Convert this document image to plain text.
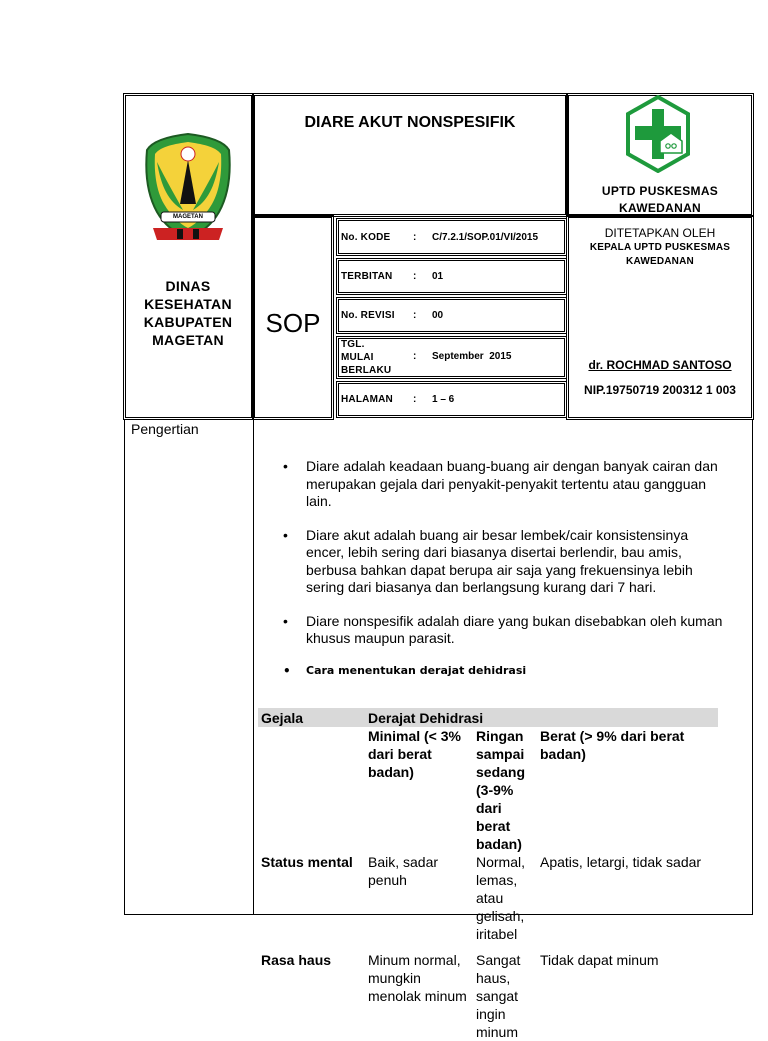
MAGETAN
DINAS
KESEHATAN
KABUPATEN
MAGETAN
DIARE AKUT NONSPESIFIK
UPTD PUSKESMAS
KAWEDANAN
SOP
No. KODE : C/7.2.1/SOP.01/VI/2015
TERBITAN : 01
No. REVISI : 00
TGL.
MULAI
BERLAKU
: September  2015
HALAMAN : 1 – 6
DITETAPKAN OLEH
KEPALA UPTD PUSKESMAS
KAWEDANAN
dr. ROCHMAD SANTOSO
NIP.19750719 200312 1 003
Pengertian
• Diare adalah keadaan buang-buang air dengan banyak cairan dan merupakan gejala dari penyakit-penyakit tertentu atau gangguan lain.
• Diare akut adalah buang air besar lembek/cair konsistensinya encer, lebih sering dari biasanya disertai berlendir, bau amis, berbusa bahkan dapat berupa air saja yang frekuensinya lebih sering dari biasanya dan berlangsung kurang dari 7 hari.
• Diare nonspesifik adalah diare yang bukan disebabkan oleh kuman khusus maupun parasit.
• Cara menentukan derajat dehidrasi
Gejala	Derajat Dehidrasi		
	Minimal (< 3% dari berat badan)	Ringan sampai sedang (3-9% dari berat badan)	Berat (> 9% dari berat badan)
Status mental	Baik, sadar penuh	Normal, lemas, atau gelisah, iritabel	Apatis, letargi, tidak sadar
Rasa haus	Minum normal, mungkin menolak minum	Sangat haus, sangat ingin minum	Tidak dapat minum
